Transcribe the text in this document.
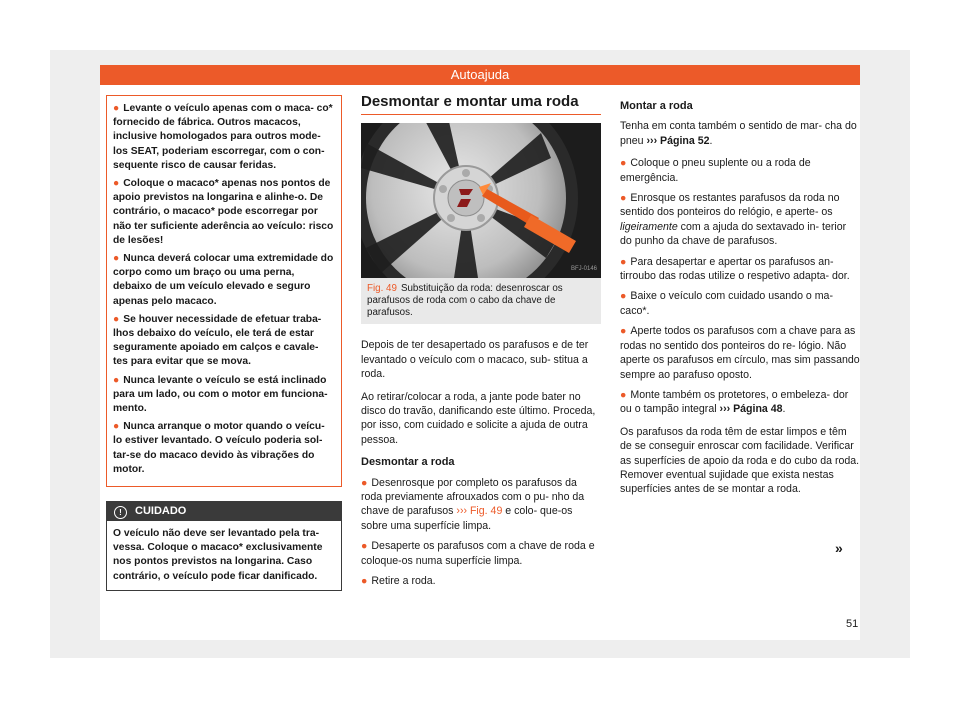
Autoajuda

● Levante o veículo apenas com o maca- co* fornecido de fábrica. Outros macacos, inclusive homologados para outros mode- los SEAT, poderiam escorregar, com o con- sequente risco de causar feridas.

● Coloque o macaco* apenas nos pontos de apoio previstos na longarina e alinhe-o. De contrário, o macaco* pode escorregar por não ter suficiente aderência ao veículo: risco de lesões!

● Nunca deverá colocar uma extremidade do corpo como um braço ou uma perna, debaixo de um veículo elevado e seguro apenas pelo macaco.

● Se houver necessidade de efetuar traba- lhos debaixo do veículo, ele terá de estar seguramente apoiado em calços e cavale- tes para evitar que se mova.

● Nunca levante o veículo se está inclinado para um lado, ou com o motor em funciona- mento.

● Nunca arranque o motor quando o veícu- lo estiver levantado. O veículo poderia sol- tar-se do macaco devido às vibrações do motor.

! CUIDADO
O veículo não deve ser levantado pela tra- vessa. Coloque o macaco* exclusivamente nos pontos previstos na longarina. Caso contrário, o veículo pode ficar danificado.
Desmontar e montar uma roda
BFJ-0146
Fig. 49 Substituição da roda: desenroscar os parafusos de roda com o cabo da chave de parafusos.

Depois de ter desapertado os parafusos e de ter levantado o veículo com o macaco, sub- stitua a roda.

Ao retirar/colocar a roda, a jante pode bater no disco do travão, danificando este último. Proceda, por isso, com cuidado e solicite a ajuda de outra pessoa.

Desmontar a roda

● Desenrosque por completo os parafusos da roda previamente afrouxados com o pu- nho da chave de parafusos ››› Fig. 49 e colo- que-os sobre uma superfície limpa.

● Desaperte os parafusos com a chave de roda e coloque-os numa superfície limpa.

● Retire a roda.

Montar a roda

Tenha em conta também o sentido de mar- cha do pneu ››› Página 52.

● Coloque o pneu suplente ou a roda de emergência.

● Enrosque os restantes parafusos da roda no sentido dos ponteiros do relógio, e aperte- os ligeiramente com a ajuda do sextavado in- terior do punho da chave de parafusos.

● Para desapertar e apertar os parafusos an- tirroubo das rodas utilize o respetivo adapta- dor.

● Baixe o veículo com cuidado usando o ma- caco*.

● Aperte todos os parafusos com a chave para as rodas no sentido dos ponteiros do re- lógio. Não aperte os parafusos em círculo, mas sim passando sempre ao parafuso oposto.

● Monte também os protetores, o embeleza- dor ou o tampão integral ››› Página 48.

Os parafusos da roda têm de estar limpos e têm de se conseguir enroscar com facilidade. Verificar as superfícies de apoio da roda e do cubo da roda. Remover eventual sujidade que exista nestas superfícies antes de se montar a roda.

»
51
